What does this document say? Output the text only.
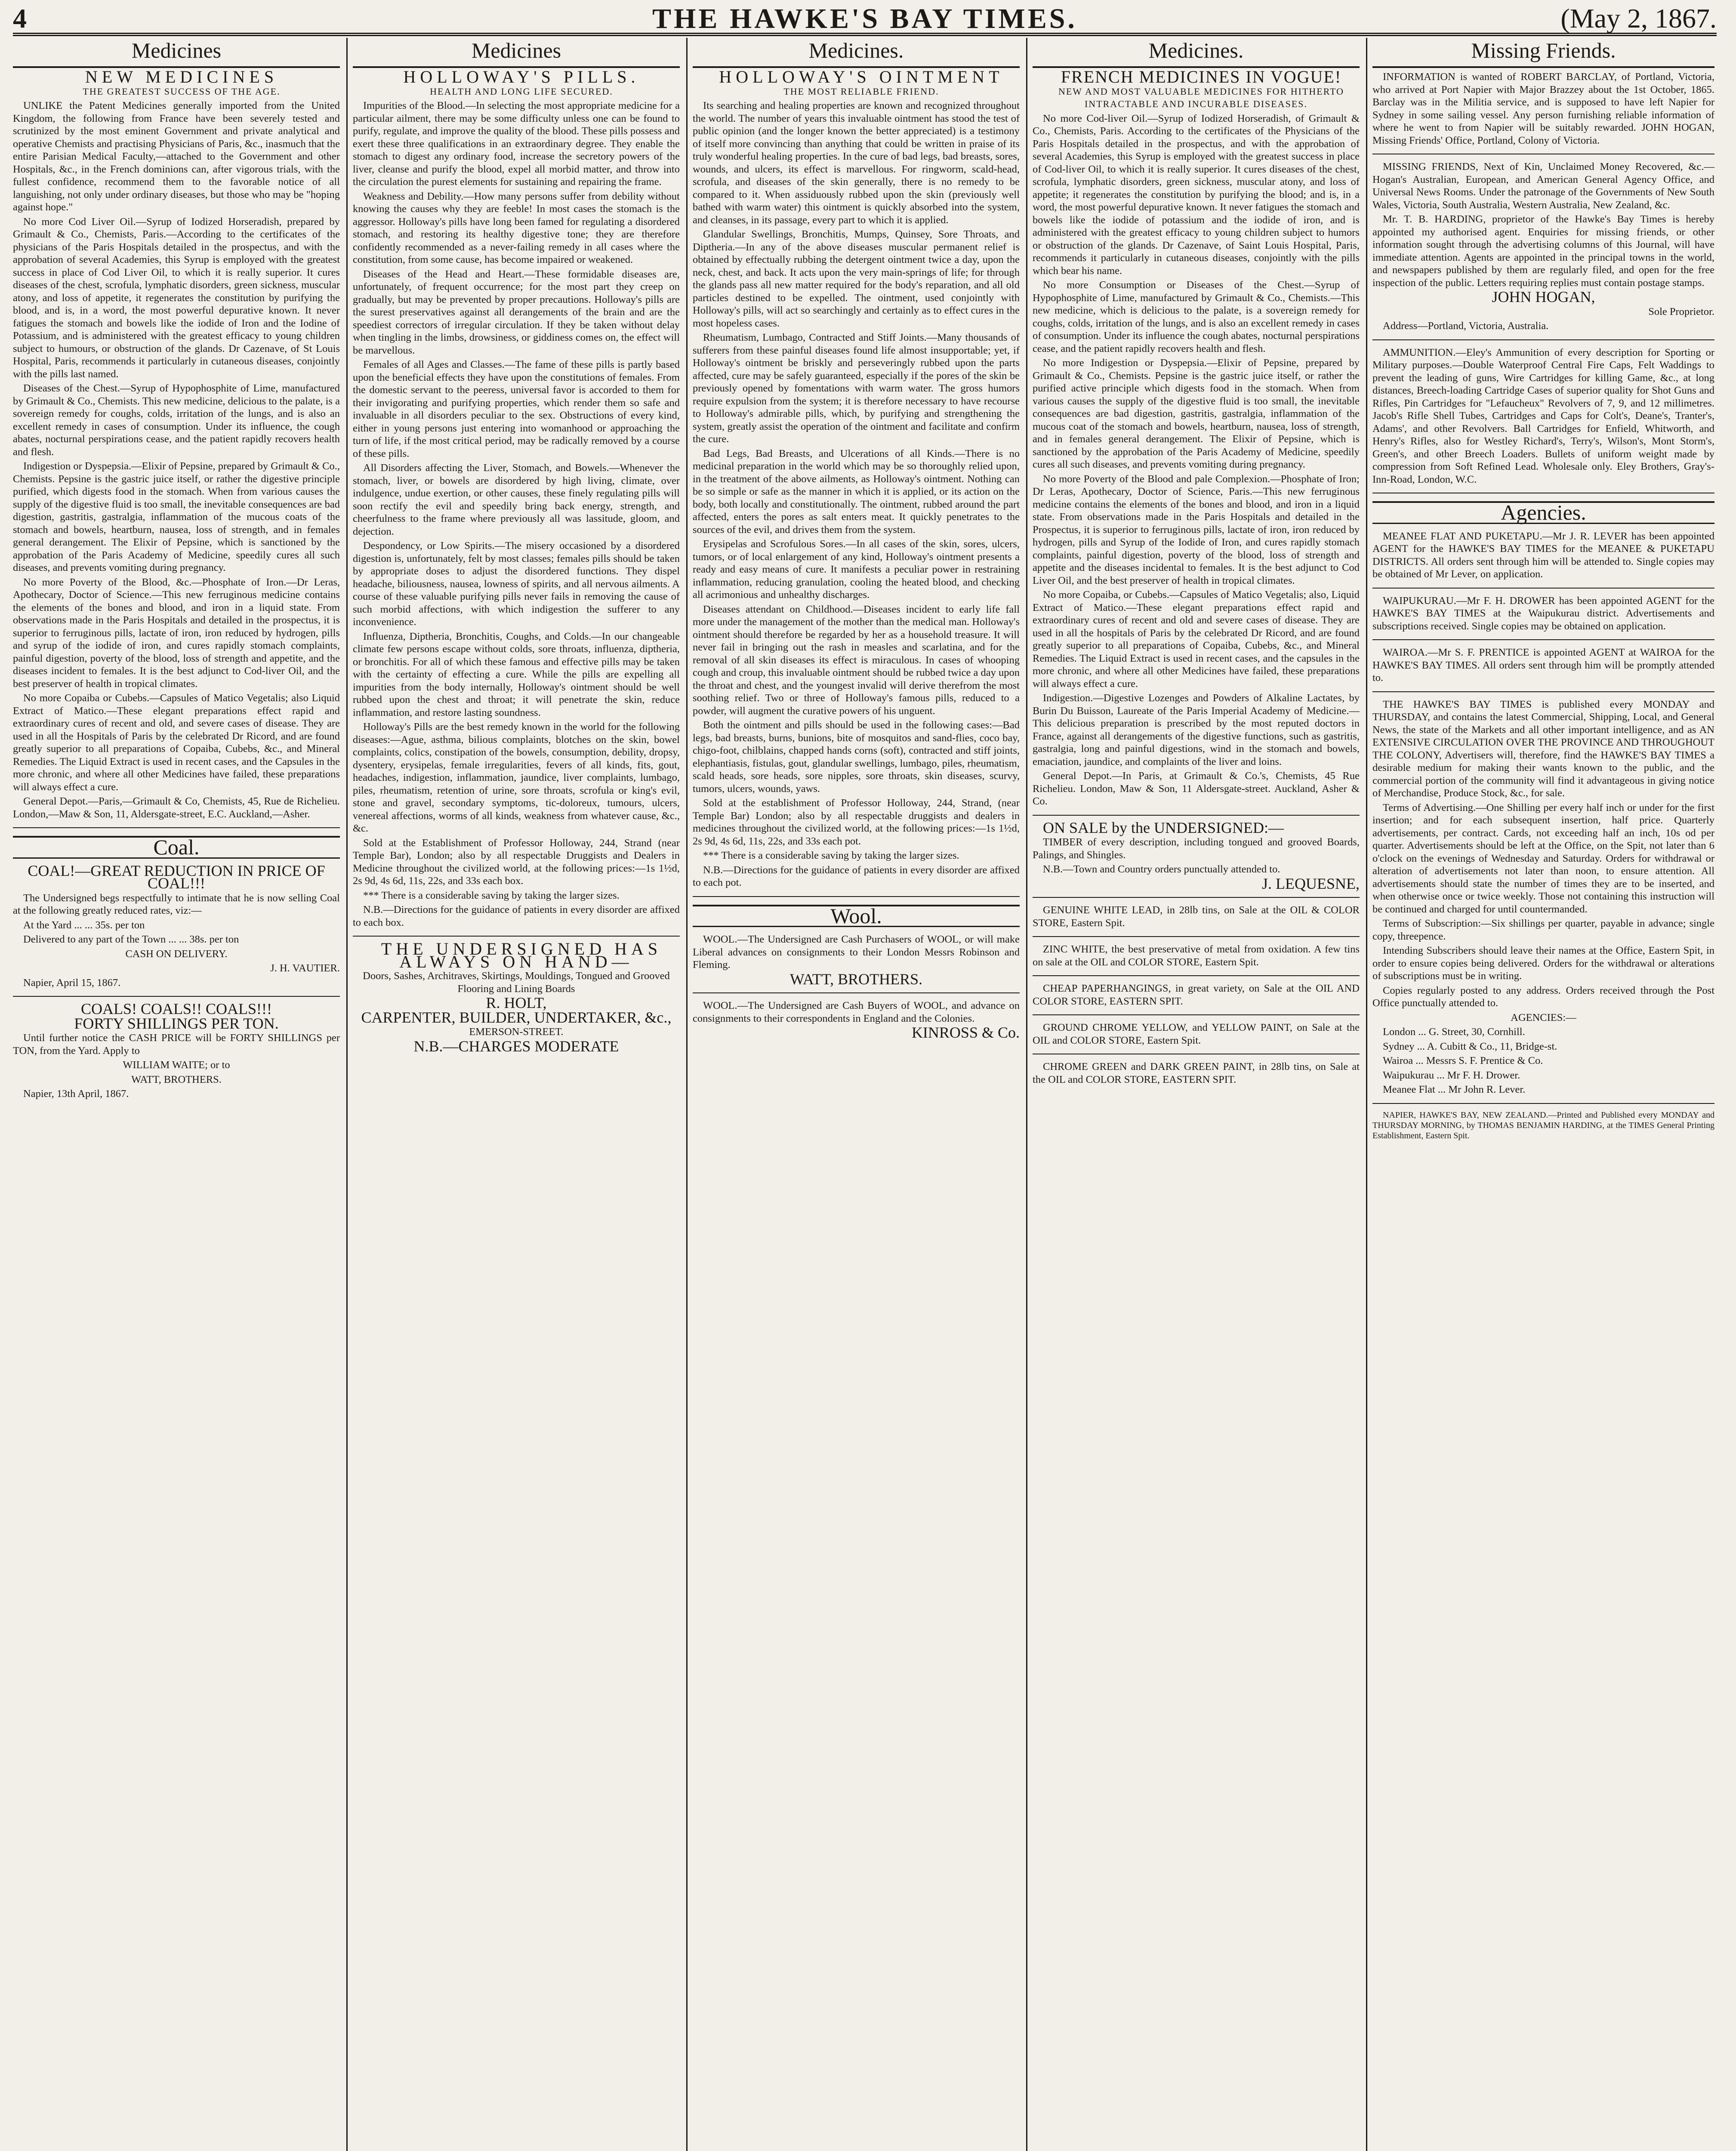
4	THE HAWKE'S BAY TIMES.	(May 2, 1867.
Medicines	Medicines	Medicines.	Medicines.	Missing Friends.

NEW MEDICINES

THE GREATEST SUCCESS OF THE AGE.

UNLIKE the Patent Medicines generally imported from the United Kingdom, the following from France have been severely tested and scrutinized by the most eminent Government and private analytical and operative Chemists and practising Physicians of Paris, &c., inasmuch that the entire Parisian Medical Faculty,—attached to the Government and other Hospitals, &c., in the French dominions can, after vigorous trials, with the fullest confidence, recommend them to the favorable notice of all languishing, not only under ordinary diseases, but those who may be "hoping against hope."

No more Cod Liver Oil.—Syrup of Iodized Horseradish, prepared by Grimault & Co., Chemists, Paris.—According to the certificates of the physicians of the Paris Hospitals detailed in the prospectus, and with the approbation of several Academies, this Syrup is employed with the greatest success in place of Cod Liver Oil, to which it is really superior. It cures diseases of the chest, scrofula, lymphatic disorders, green sickness, muscular atony, and loss of appetite, it regenerates the constitution by purifying the blood, and is, in a word, the most powerful depurative known. It never fatigues the stomach and bowels like the iodide of Iron and the Iodine of Potassium, and is administered with the greatest efficacy to young children subject to humours, or obstruction of the glands. Dr Cazenave, of St Louis Hospital, Paris, recommends it particularly in cutaneous diseases, conjointly with the pills last named.

Diseases of the Chest.—Syrup of Hypophosphite of Lime, manufactured by Grimault & Co., Chemists. This new medicine, delicious to the palate, is a sovereign remedy for coughs, colds, irritation of the lungs, and is also an excellent remedy in cases of consumption. Under its influence, the cough abates, nocturnal perspirations cease, and the patient rapidly recovers health and flesh.

Indigestion or Dyspepsia.—Elixir of Pepsine, prepared by Grimault & Co., Chemists. Pepsine is the gastric juice itself, or rather the digestive principle purified, which digests food in the stomach. When from various causes the supply of the digestive fluid is too small, the inevitable consequences are bad digestion, gastritis, gastralgia, inflammation of the mucous coats of the stomach and bowels, heartburn, nausea, loss of strength, and in females general derangement. The Elixir of Pepsine, which is sanctioned by the approbation of the Paris Academy of Medicine, speedily cures all such diseases, and prevents vomiting during pregnancy.

No more Poverty of the Blood, &c.—Phosphate of Iron.—Dr Leras, Apothecary, Doctor of Science.—This new ferruginous medicine contains the elements of the bones and blood, and iron in a liquid state. From observations made in the Paris Hospitals and detailed in the prospectus, it is superior to ferruginous pills, lactate of iron, iron reduced by hydrogen, pills and syrup of the iodide of iron, and cures rapidly stomach complaints, painful digestion, poverty of the blood, loss of strength and appetite, and the diseases incident to females. It is the best adjunct to Cod-liver Oil, and the best preserver of health in tropical climates.

No more Copaiba or Cubebs.—Capsules of Matico Vegetalis; also Liquid Extract of Matico.—These elegant preparations effect rapid and extraordinary cures of recent and old, and severe cases of disease. They are used in all the Hospitals of Paris by the celebrated Dr Ricord, and are found greatly superior to all preparations of Copaiba, Cubebs, &c., and Mineral Remedies. The Liquid Extract is used in recent cases, and the Capsules in the more chronic, and where all other Medicines have failed, these preparations will always effect a cure.

General Depot.—Paris,—Grimault & Co, Chemists, 45, Rue de Richelieu. London,—Maw & Son, 11, Aldersgate-street, E.C. Auckland,—Asher.

Coal.

COAL!—GREAT REDUCTION IN PRICE OF COAL!!!

The Undersigned begs respectfully to intimate that he is now selling Coal at the following greatly reduced rates, viz:—

At the Yard ... ... 35s. per ton

Delivered to any part of the Town ... ... 38s. per ton

CASH ON DELIVERY.

J. H. VAUTIER.

Napier, April 15, 1867.

COALS! COALS!! COALS!!!

FORTY SHILLINGS PER TON.

Until further notice the CASH PRICE will be FORTY SHILLINGS per TON, from the Yard. Apply to

WILLIAM WAITE; or to

WATT, BROTHERS.

Napier, 13th April, 1867.

HOLLOWAY'S PILLS.

HEALTH AND LONG LIFE SECURED.

Impurities of the Blood.—In selecting the most appropriate medicine for a particular ailment, there may be some difficulty unless one can be found to purify, regulate, and improve the quality of the blood. These pills possess and exert these three qualifications in an extraordinary degree. They enable the stomach to digest any ordinary food, increase the secretory powers of the liver, cleanse and purify the blood, expel all morbid matter, and throw into the circulation the purest elements for sustaining and repairing the frame.

Weakness and Debility.—How many persons suffer from debility without knowing the causes why they are feeble! In most cases the stomach is the aggressor. Holloway's pills have long been famed for regulating a disordered stomach, and restoring its healthy digestive tone; they are therefore confidently recommended as a never-failing remedy in all cases where the constitution, from some cause, has become impaired or weakened.

Diseases of the Head and Heart.—These formidable diseases are, unfortunately, of frequent occurrence; for the most part they creep on gradually, but may be prevented by proper precautions. Holloway's pills are the surest preservatives against all derangements of the brain and are the speediest correctors of irregular circulation. If they be taken without delay when tingling in the limbs, drowsiness, or giddiness comes on, the effect will be marvellous.

Females of all Ages and Classes.—The fame of these pills is partly based upon the beneficial effects they have upon the constitutions of females. From the domestic servant to the peeress, universal favor is accorded to them for their invigorating and purifying properties, which render them so safe and invaluable in all disorders peculiar to the sex. Obstructions of every kind, either in young persons just entering into womanhood or approaching the turn of life, if the most critical period, may be radically removed by a course of these pills.

All Disorders affecting the Liver, Stomach, and Bowels.—Whenever the stomach, liver, or bowels are disordered by high living, climate, over indulgence, undue exertion, or other causes, these finely regulating pills will soon rectify the evil and speedily bring back energy, strength, and cheerfulness to the frame where previously all was lassitude, gloom, and dejection.

Despondency, or Low Spirits.—The misery occasioned by a disordered digestion is, unfortunately, felt by most classes; females pills should be taken by appropriate doses to adjust the disordered functions. They dispel headache, biliousness, nausea, lowness of spirits, and all nervous ailments. A course of these valuable purifying pills never fails in removing the cause of such morbid affections, with which indigestion the sufferer to any inconvenience.

Influenza, Diptheria, Bronchitis, Coughs, and Colds.—In our changeable climate few persons escape without colds, sore throats, influenza, diptheria, or bronchitis. For all of which these famous and effective pills may be taken with the certainty of effecting a cure. While the pills are expelling all impurities from the body internally, Holloway's ointment should be well rubbed upon the chest and throat; it will penetrate the skin, reduce inflammation, and restore lasting soundness.

Holloway's Pills are the best remedy known in the world for the following diseases:—Ague, asthma, bilious complaints, blotches on the skin, bowel complaints, colics, constipation of the bowels, consumption, debility, dropsy, dysentery, erysipelas, female irregularities, fevers of all kinds, fits, gout, headaches, indigestion, inflammation, jaundice, liver complaints, lumbago, piles, rheumatism, retention of urine, sore throats, scrofula or king's evil, stone and gravel, secondary symptoms, tic-doloreux, tumours, ulcers, venereal affections, worms of all kinds, weakness from whatever cause, &c., &c.

Sold at the Establishment of Professor Holloway, 244, Strand (near Temple Bar), London; also by all respectable Druggists and Dealers in Medicine throughout the civilized world, at the following prices:—1s 1½d, 2s 9d, 4s 6d, 11s, 22s, and 33s each box.

*** There is a considerable saving by taking the larger sizes.

N.B.—Directions for the guidance of patients in every disorder are affixed to each box.

THE UNDERSIGNED HAS ALWAYS ON HAND—

Doors, Sashes, Architraves, Skirtings, Mouldings, Tongued and Grooved Flooring and Lining Boards

R. HOLT,

CARPENTER, BUILDER, UNDERTAKER, &c.,

EMERSON-STREET.

N.B.—CHARGES MODERATE

HOLLOWAY'S OINTMENT

THE MOST RELIABLE FRIEND.

Its searching and healing properties are known and recognized throughout the world. The number of years this invaluable ointment has stood the test of public opinion (and the longer known the better appreciated) is a testimony of itself more convincing than anything that could be written in praise of its truly wonderful healing properties. In the cure of bad legs, bad breasts, sores, wounds, and ulcers, its effect is marvellous. For ringworm, scald-head, scrofula, and diseases of the skin generally, there is no remedy to be compared to it. When assiduously rubbed upon the skin (previously well bathed with warm water) this ointment is quickly absorbed into the system, and cleanses, in its passage, every part to which it is applied.

Glandular Swellings, Bronchitis, Mumps, Quinsey, Sore Throats, and Diptheria.—In any of the above diseases muscular permanent relief is obtained by effectually rubbing the detergent ointment twice a day, upon the neck, chest, and back. It acts upon the very main-springs of life; for through the glands pass all new matter required for the body's reparation, and all old particles destined to be expelled. The ointment, used conjointly with Holloway's pills, will act so searchingly and certainly as to effect cures in the most hopeless cases.

Rheumatism, Lumbago, Contracted and Stiff Joints.—Many thousands of sufferers from these painful diseases found life almost insupportable; yet, if Holloway's ointment be briskly and perseveringly rubbed upon the parts affected, cure may be safely guaranteed, especially if the pores of the skin be previously opened by fomentations with warm water. The gross humors require expulsion from the system; it is therefore necessary to have recourse to Holloway's admirable pills, which, by purifying and strengthening the system, greatly assist the operation of the ointment and facilitate and confirm the cure.

Bad Legs, Bad Breasts, and Ulcerations of all Kinds.—There is no medicinal preparation in the world which may be so thoroughly relied upon, in the treatment of the above ailments, as Holloway's ointment. Nothing can be so simple or safe as the manner in which it is applied, or its action on the body, both locally and constitutionally. The ointment, rubbed around the part affected, enters the pores as salt enters meat. It quickly penetrates to the sources of the evil, and drives them from the system.

Erysipelas and Scrofulous Sores.—In all cases of the skin, sores, ulcers, tumors, or of local enlargement of any kind, Holloway's ointment presents a ready and easy means of cure. It manifests a peculiar power in restraining inflammation, reducing granulation, cooling the heated blood, and checking all acrimonious and unhealthy discharges.

Diseases attendant on Childhood.—Diseases incident to early life fall more under the management of the mother than the medical man. Holloway's ointment should therefore be regarded by her as a household treasure. It will never fail in bringing out the rash in measles and scarlatina, and for the removal of all skin diseases its effect is miraculous. In cases of whooping cough and croup, this invaluable ointment should be rubbed twice a day upon the throat and chest, and the youngest invalid will derive therefrom the most soothing relief. Two or three of Holloway's famous pills, reduced to a powder, will augment the curative powers of his unguent.

Both the ointment and pills should be used in the following cases:—Bad legs, bad breasts, burns, bunions, bite of mosquitos and sand-flies, coco bay, chigo-foot, chilblains, chapped hands corns (soft), contracted and stiff joints, elephantiasis, fistulas, gout, glandular swellings, lumbago, piles, rheumatism, scald heads, sore heads, sore nipples, sore throats, skin diseases, scurvy, tumors, ulcers, wounds, yaws.

Sold at the establishment of Professor Holloway, 244, Strand, (near Temple Bar) London; also by all respectable druggists and dealers in medicines throughout the civilized world, at the following prices:—1s 1½d, 2s 9d, 4s 6d, 11s, 22s, and 33s each pot.

*** There is a considerable saving by taking the larger sizes.

N.B.—Directions for the guidance of patients in every disorder are affixed to each pot.

Wool.

WOOL.—The Undersigned are Cash Purchasers of WOOL, or will make Liberal advances on consignments to their London Messrs Robinson and Fleming.

WATT, BROTHERS.

WOOL.—The Undersigned are Cash Buyers of WOOL, and advance on consignments to their correspondents in England and the Colonies.

KINROSS & Co.

FRENCH MEDICINES IN VOGUE!

NEW AND MOST VALUABLE MEDICINES FOR HITHERTO INTRACTABLE AND INCURABLE DISEASES.

No more Cod-liver Oil.—Syrup of Iodized Horseradish, of Grimault & Co., Chemists, Paris. According to the certificates of the Physicians of the Paris Hospitals detailed in the prospectus, and with the approbation of several Academies, this Syrup is employed with the greatest success in place of Cod-liver Oil, to which it is really superior. It cures diseases of the chest, scrofula, lymphatic disorders, green sickness, muscular atony, and loss of appetite; it regenerates the constitution by purifying the blood; and is, in a word, the most powerful depurative known. It never fatigues the stomach and bowels like the iodide of potassium and the iodide of iron, and is administered with the greatest efficacy to young children subject to humors or obstruction of the glands. Dr Cazenave, of Saint Louis Hospital, Paris, recommends it particularly in cutaneous diseases, conjointly with the pills which bear his name.

No more Consumption or Diseases of the Chest.—Syrup of Hypophosphite of Lime, manufactured by Grimault & Co., Chemists.—This new medicine, which is delicious to the palate, is a sovereign remedy for coughs, colds, irritation of the lungs, and is also an excellent remedy in cases of consumption. Under its influence the cough abates, nocturnal perspirations cease, and the patient rapidly recovers health and flesh.

No more Indigestion or Dyspepsia.—Elixir of Pepsine, prepared by Grimault & Co., Chemists. Pepsine is the gastric juice itself, or rather the purified active principle which digests food in the stomach. When from various causes the supply of the digestive fluid is too small, the inevitable consequences are bad digestion, gastritis, gastralgia, inflammation of the mucous coat of the stomach and bowels, heartburn, nausea, loss of strength, and in females general derangement. The Elixir of Pepsine, which is sanctioned by the approbation of the Paris Academy of Medicine, speedily cures all such diseases, and prevents vomiting during pregnancy.

No more Poverty of the Blood and pale Complexion.—Phosphate of Iron; Dr Leras, Apothecary, Doctor of Science, Paris.—This new ferruginous medicine contains the elements of the bones and blood, and iron in a liquid state. From observations made in the Paris Hospitals and detailed in the Prospectus, it is superior to ferruginous pills, lactate of iron, iron reduced by hydrogen, pills and Syrup of the Iodide of Iron, and cures rapidly stomach complaints, painful digestion, poverty of the blood, loss of strength and appetite and the diseases incidental to females. It is the best adjunct to Cod Liver Oil, and the best preserver of health in tropical climates.

No more Copaiba, or Cubebs.—Capsules of Matico Vegetalis; also, Liquid Extract of Matico.—These elegant preparations effect rapid and extraordinary cures of recent and old and severe cases of disease. They are used in all the hospitals of Paris by the celebrated Dr Ricord, and are found greatly superior to all preparations of Copaiba, Cubebs, &c., and Mineral Remedies. The Liquid Extract is used in recent cases, and the capsules in the more chronic, and where all other Medicines have failed, these preparations will always effect a cure.

Indigestion.—Digestive Lozenges and Powders of Alkaline Lactates, by Burin Du Buisson, Laureate of the Paris Imperial Academy of Medicine.—This delicious preparation is prescribed by the most reputed doctors in France, against all derangements of the digestive functions, such as gastritis, gastralgia, long and painful digestions, wind in the stomach and bowels, emaciation, jaundice, and complaints of the liver and loins.

General Depot.—In Paris, at Grimault & Co.'s, Chemists, 45 Rue Richelieu. London, Maw & Son, 11 Aldersgate-street. Auckland, Asher & Co.

ON SALE by the UNDERSIGNED:—

TIMBER of every description, including tongued and grooved Boards, Palings, and Shingles.

N.B.—Town and Country orders punctually attended to.

J. LEQUESNE,

GENUINE WHITE LEAD, in 28lb tins, on Sale at the OIL & COLOR STORE, Eastern Spit.

ZINC WHITE, the best preservative of metal from oxidation. A few tins on sale at the OIL and COLOR STORE, Eastern Spit.

CHEAP PAPERHANGINGS, in great variety, on Sale at the OIL AND COLOR STORE, EASTERN SPIT.

GROUND CHROME YELLOW, and YELLOW PAINT, on Sale at the OIL and COLOR STORE, Eastern Spit.

CHROME GREEN and DARK GREEN PAINT, in 28lb tins, on Sale at the OIL and COLOR STORE, EASTERN SPIT.

INFORMATION is wanted of ROBERT BARCLAY, of Portland, Victoria, who arrived at Port Napier with Major Brazzey about the 1st October, 1865. Barclay was in the Militia service, and is supposed to have left Napier for Sydney in some sailing vessel. Any person furnishing reliable information of where he went to from Napier will be suitably rewarded. JOHN HOGAN, Missing Friends' Office, Portland, Colony of Victoria.

MISSING FRIENDS, Next of Kin, Unclaimed Money Recovered, &c.—Hogan's Australian, European, and American General Agency Office, and Universal News Rooms. Under the patronage of the Governments of New South Wales, Victoria, South Australia, Western Australia, New Zealand, &c.

Mr. T. B. HARDING, proprietor of the Hawke's Bay Times is hereby appointed my authorised agent. Enquiries for missing friends, or other information sought through the advertising columns of this Journal, will have immediate attention. Agents are appointed in the principal towns in the world, and newspapers published by them are regularly filed, and open for the free inspection of the public. Letters requiring replies must contain postage stamps.

JOHN HOGAN,

Sole Proprietor.

Address—Portland, Victoria, Australia.

AMMUNITION.—Eley's Ammunition of every description for Sporting or Military purposes.—Double Waterproof Central Fire Caps, Felt Waddings to prevent the leading of guns, Wire Cartridges for killing Game, &c., at long distances, Breech-loading Cartridge Cases of superior quality for Shot Guns and Rifles, Pin Cartridges for "Lefaucheux" Revolvers of 7, 9, and 12 millimetres. Jacob's Rifle Shell Tubes, Cartridges and Caps for Colt's, Deane's, Tranter's, Adams', and other Revolvers. Ball Cartridges for Enfield, Whitworth, and Henry's Rifles, also for Westley Richard's, Terry's, Wilson's, Mont Storm's, Green's, and other Breech Loaders. Bullets of uniform weight made by compression from Soft Refined Lead. Wholesale only. Eley Brothers, Gray's-Inn-Road, London, W.C.

Agencies.

MEANEE FLAT AND PUKETAPU.—Mr J. R. LEVER has been appointed AGENT for the HAWKE'S BAY TIMES for the MEANEE & PUKETAPU DISTRICTS. All orders sent through him will be attended to. Single copies may be obtained of Mr Lever, on application.

WAIPUKURAU.—Mr F. H. DROWER has been appointed AGENT for the HAWKE'S BAY TIMES at the Waipukurau district. Advertisements and subscriptions received. Single copies may be obtained on application.

WAIROA.—Mr S. F. PRENTICE is appointed AGENT at WAIROA for the HAWKE'S BAY TIMES. All orders sent through him will be promptly attended to.

THE HAWKE'S BAY TIMES is published every MONDAY and THURSDAY, and contains the latest Commercial, Shipping, Local, and General News, the state of the Markets and all other important intelligence, and as AN EXTENSIVE CIRCULATION OVER THE PROVINCE AND THROUGHOUT THE COLONY, Advertisers will, therefore, find the HAWKE'S BAY TIMES a desirable medium for making their wants known to the public, and the commercial portion of the community will find it advantageous in giving notice of Merchandise, Produce Stock, &c., for sale.

Terms of Advertising.—One Shilling per every half inch or under for the first insertion; and for each subsequent insertion, half price. Quarterly advertisements, per contract. Cards, not exceeding half an inch, 10s od per quarter. Advertisements should be left at the Office, on the Spit, not later than 6 o'clock on the evenings of Wednesday and Saturday. Orders for withdrawal or alteration of advertisements not later than noon, to ensure attention. All advertisements should state the number of times they are to be inserted, and when otherwise once or twice weekly. Those not containing this instruction will be continued and charged for until countermanded.

Terms of Subscription:—Six shillings per quarter, payable in advance; single copy, threepence.

Intending Subscribers should leave their names at the Office, Eastern Spit, in order to ensure copies being delivered. Orders for the withdrawal or alterations of subscriptions must be in writing.

Copies regularly posted to any address. Orders received through the Post Office punctually attended to.

AGENCIES:—

London ... G. Street, 30, Cornhill.

Sydney ... A. Cubitt & Co., 11, Bridge-st.

Wairoa ... Messrs S. F. Prentice & Co.

Waipukurau ... Mr F. H. Drower.

Meanee Flat ... Mr John R. Lever.

NAPIER, HAWKE'S BAY, NEW ZEALAND.—Printed and Published every MONDAY and THURSDAY MORNING, by THOMAS BENJAMIN HARDING, at the TIMES General Printing Establishment, Eastern Spit.
